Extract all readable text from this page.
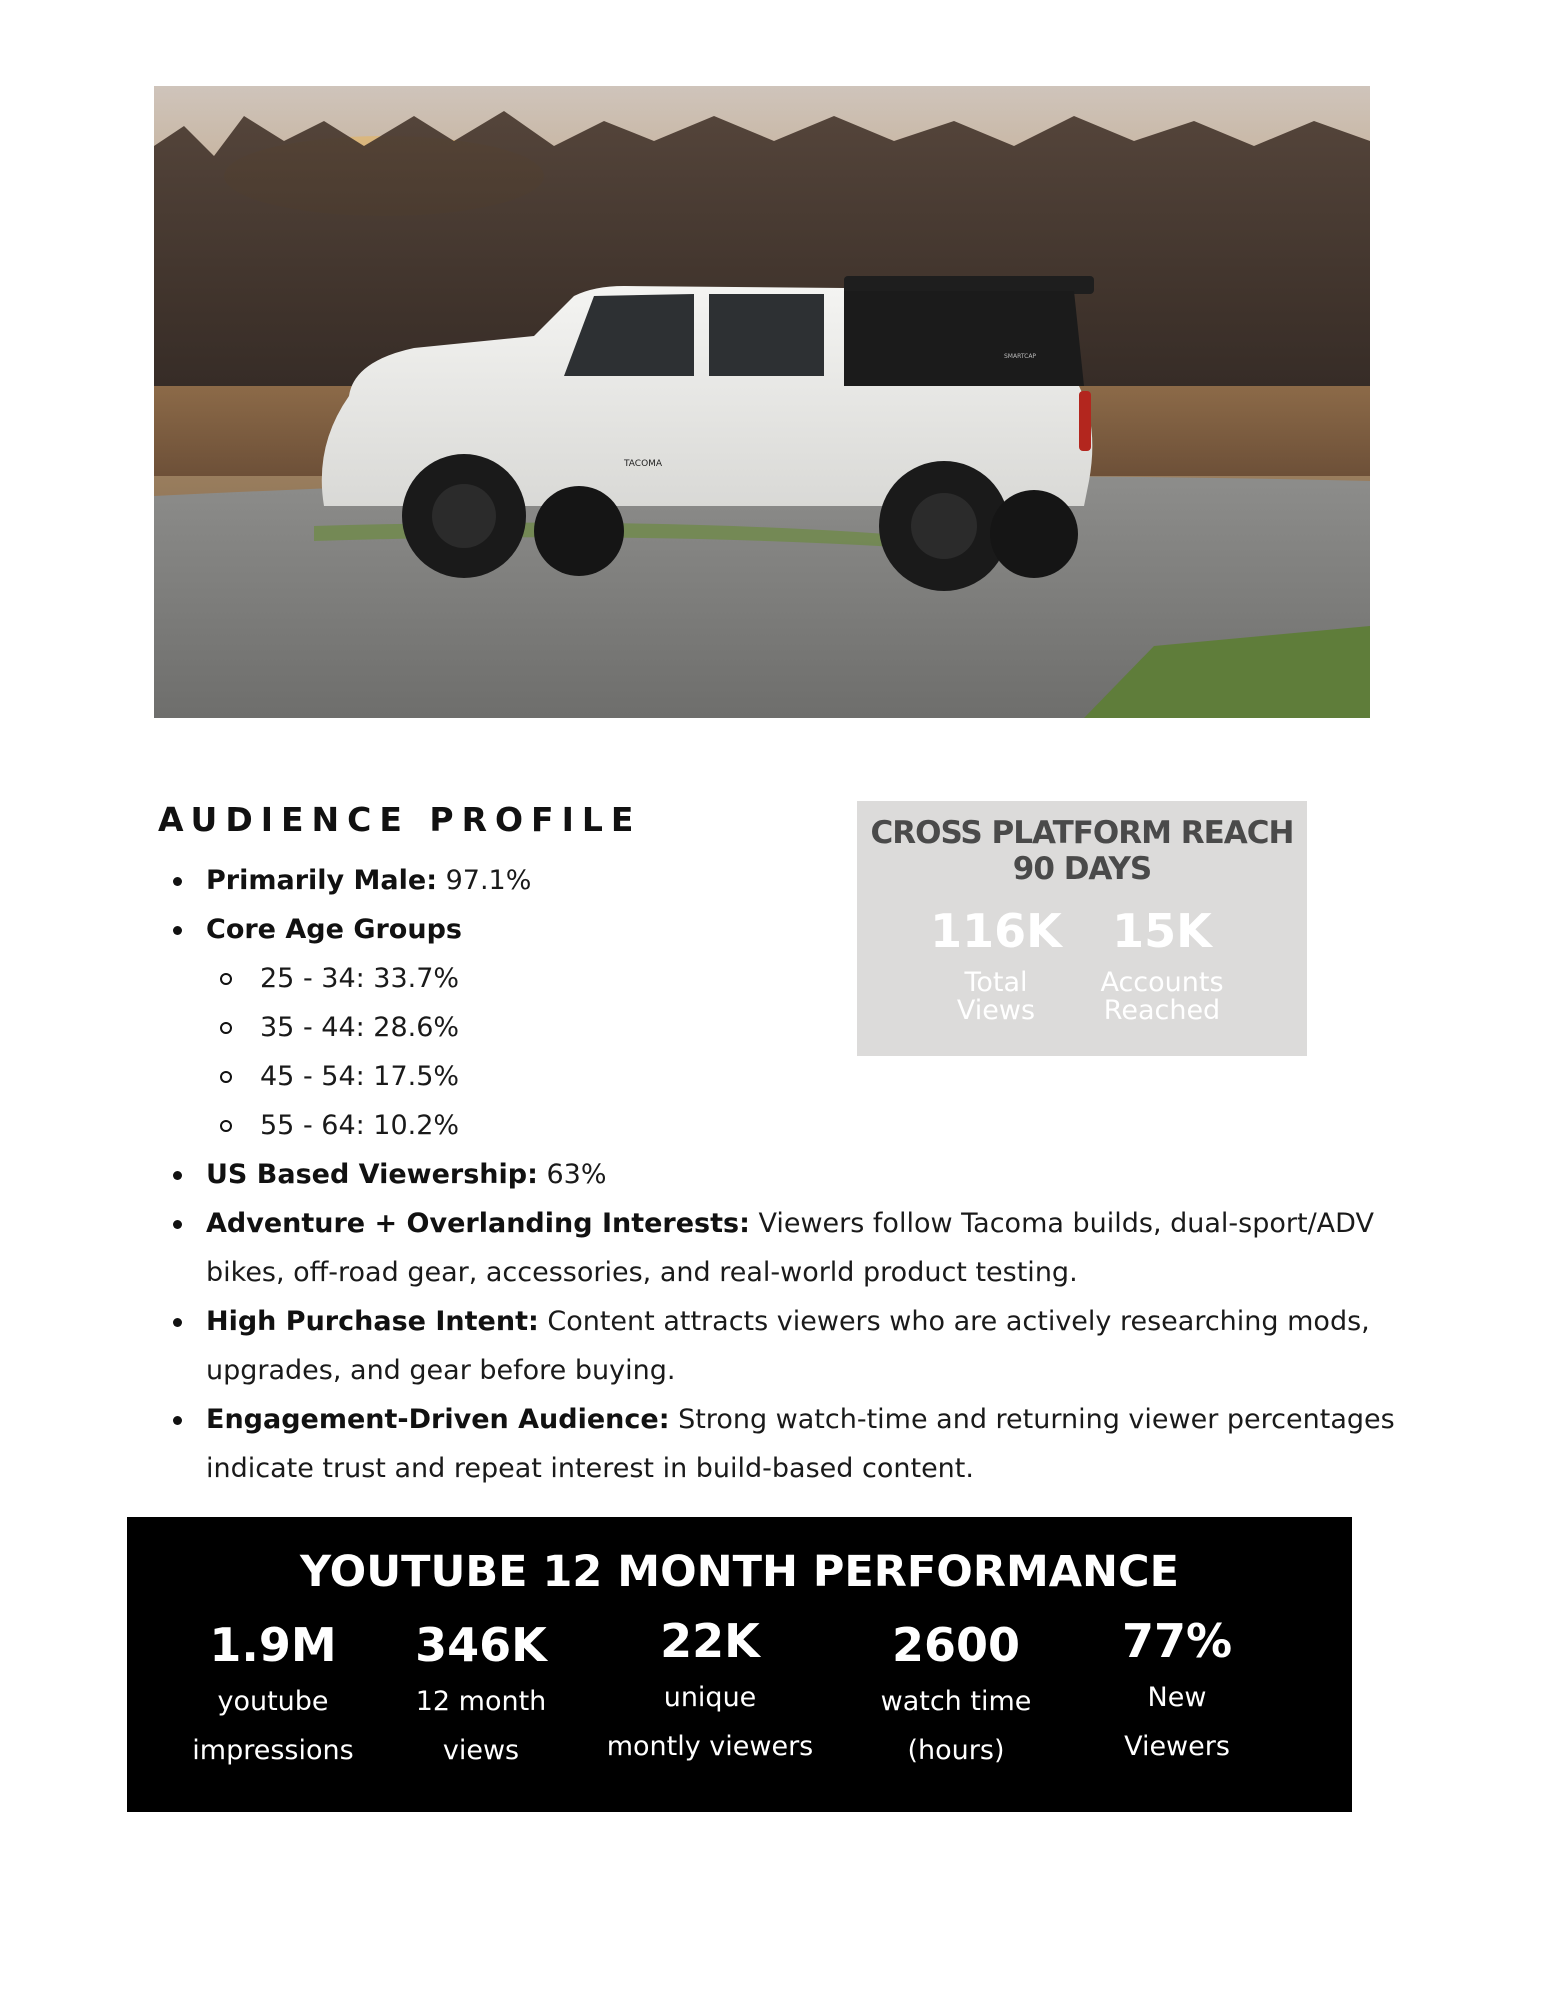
TACOMA
SMARTCAP
AUDIENCE PROFILE
Primarily Male: 97.1%
Core Age Groups
25 - 34: 33.7%
35 - 44: 28.6%
45 - 54: 17.5%
55 - 64: 10.2%
US Based Viewership: 63%
Adventure + Overlanding Interests: Viewers follow Tacoma builds, dual-sport/ADV bikes, off-road gear, accessories, and real-world product testing.
High Purchase Intent: Content attracts viewers who are actively researching mods, upgrades, and gear before buying.
Engagement-Driven Audience: Strong watch-time and returning viewer percentages indicate trust and repeat interest in build-based content.
CROSS PLATFORM REACH
90 DAYS
116K
Total
Views
15K
Accounts
Reached
YOUTUBE 12 MONTH PERFORMANCE
1.9M
youtube
impressions
346K
12 month
views
22K
unique
montly viewers
2600
watch time
(hours)
77%
New
Viewers
